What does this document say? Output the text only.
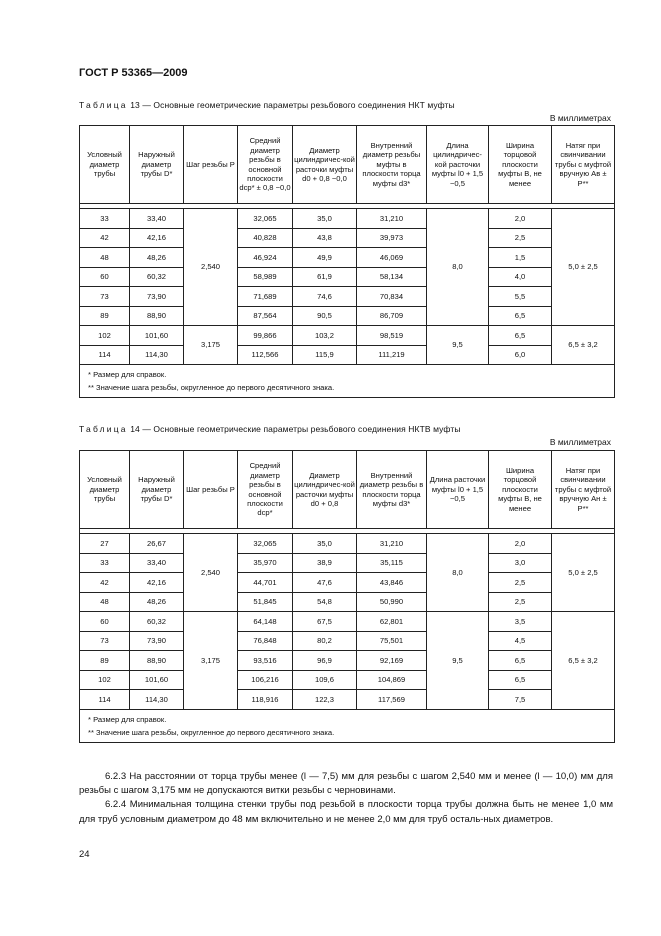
ГОСТ Р 53365—2009
Таблица 13 — Основные геометрические параметры резьбового соединения НКТ муфты
В миллиметрах
Условный диаметр трубы	Наружный диаметр трубы D*	Шаг резьбы P	Средний диаметр резьбы в основной плоскости dср* ± 0,8 −0,0	Диаметр цилиндричес-кой расточки муфты d0 + 0,8 −0,0	Внутренний диаметр резьбы муфты в плоскости торца муфты d3*	Длина цилиндричес-кой расточки муфты l0 + 1,5 −0,5	Ширина торцовой плоскости муфты B, не менее	Натяг при свинчивании трубы с муфтой вручную Aв ± P**

33	33,40	2,540	32,065	35,0	31,210	8,0	2,0	5,0 ± 2,5
42	42,16		40,828	43,8	39,973		2,5	
48	48,26		46,924	49,9	46,069		1,5	
60	60,32		58,989	61,9	58,134		4,0	
73	73,90		71,689	74,6	70,834		5,5	
89	88,90		87,564	90,5	86,709		6,5	
102	101,60	3,175	99,866	103,2	98,519	9,5	6,5	6,5 ± 3,2
114	114,30		112,566	115,9	111,219		6,0	

* Размер для справок.
** Значение шага резьбы, округленное до первого десятичного знака.								
Таблица 14 — Основные геометрические параметры резьбового соединения НКТВ муфты
В миллиметрах
Условный диаметр трубы	Наружный диаметр трубы D*	Шаг резьбы P	Средний диаметр резьбы в основной плоскости dср*	Диаметр цилиндричес-кой расточки муфты d0 + 0,8	Внутренний диаметр резьбы в плоскости торца муфты d3*	Длина расточки муфты l0 + 1,5 −0,5	Ширина торцовой плоскости муфты B, не менее	Натяг при свинчивании трубы с муфтой вручную Aн ± P**

27	26,67	2,540	32,065	35,0	31,210	8,0	2,0	5,0 ± 2,5
33	33,40		35,970	38,9	35,115		3,0	
42	42,16		44,701	47,6	43,846		2,5	
48	48,26		51,845	54,8	50,990		2,5	
60	60,32	3,175	64,148	67,5	62,801	9,5	3,5	6,5 ± 3,2
73	73,90		76,848	80,2	75,501		4,5	
89	88,90		93,516	96,9	92,169		6,5	
102	101,60		106,216	109,6	104,869		6,5	
114	114,30		118,916	122,3	117,569		7,5	

* Размер для справок.
** Значение шага резьбы, округленное до первого десятичного знака.								

6.2.3 На расстоянии от торца трубы менее (l — 7,5) мм для резьбы с шагом 2,540 мм и менее (l — 10,0) мм для резьбы с шагом 3,175 мм не допускаются витки резьбы с черновинами.

6.2.4 Минимальная толщина стенки трубы под резьбой в плоскости торца трубы должна быть не менее 1,0 мм для труб условным диаметром до 48 мм включительно и не менее 2,0 мм для труб осталь-ных диаметров.

24
